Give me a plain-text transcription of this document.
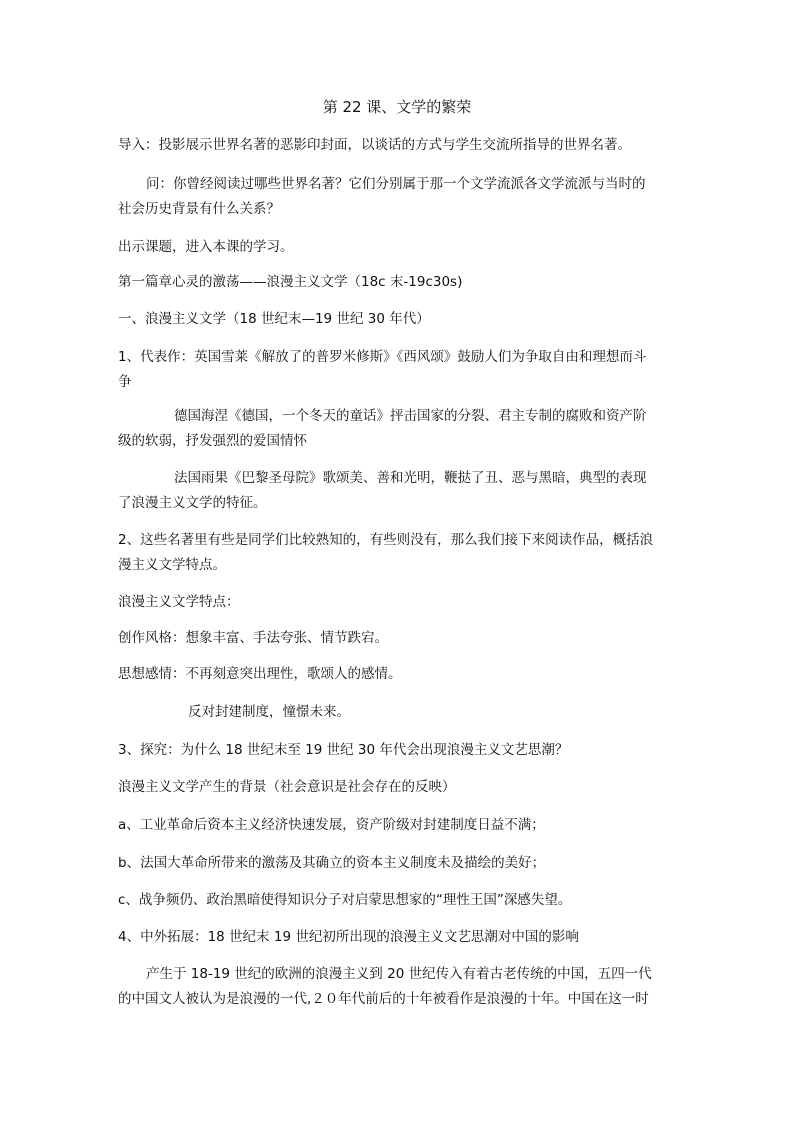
第 22 课、文学的繁荣
导入：投影展示世界名著的恶影印封面，以谈话的方式与学生交流所指导的世界名著。
问：你曾经阅读过哪些世界名著？它们分别属于那一个文学流派各文学流派与当时的
社会历史背景有什么关系？
出示课题，进入本课的学习。
第一篇章心灵的激荡——浪漫主义文学（18c 末-19c30s)
一、浪漫主义文学（18 世纪末—19 世纪 30 年代）
1、代表作：英国雪莱《解放了的普罗米修斯》《西风颂》鼓励人们为争取自由和理想而斗
争
德国海涅《德国，一个冬天的童话》抨击国家的分裂、君主专制的腐败和资产阶
级的软弱，抒发强烈的爱国情怀
法国雨果《巴黎圣母院》歌颂美、善和光明，鞭挞了丑、恶与黑暗，典型的表现
了浪漫主义文学的特征。
2、这些名著里有些是同学们比较熟知的，有些则没有，那么我们接下来阅读作品，概括浪
漫主义文学特点。
浪漫主义文学特点：
创作风格：想象丰富、手法夸张、情节跌宕。
思想感情：不再刻意突出理性，歌颂人的感情。
反对封建制度，憧憬未来。
3、探究：为什么 18 世纪末至 19 世纪 30 年代会出现浪漫主义文艺思潮？
浪漫主义文学产生的背景（社会意识是社会存在的反映）
a、工业革命后资本主义经济快速发展，资产阶级对封建制度日益不满；
b、法国大革命所带来的激荡及其确立的资本主义制度未及描绘的美好；
c、战争频仍、政治黑暗使得知识分子对启蒙思想家的“理性王国”深感失望。
4、中外拓展：18 世纪末 19 世纪初所出现的浪漫主义文艺思潮对中国的影响
产生于 18-19 世纪的欧洲的浪漫主义到 20 世纪传入有着古老传统的中国，五四一代
的中国文人被认为是浪漫的一代,２０年代前后的十年被看作是浪漫的十年。中国在这一时
